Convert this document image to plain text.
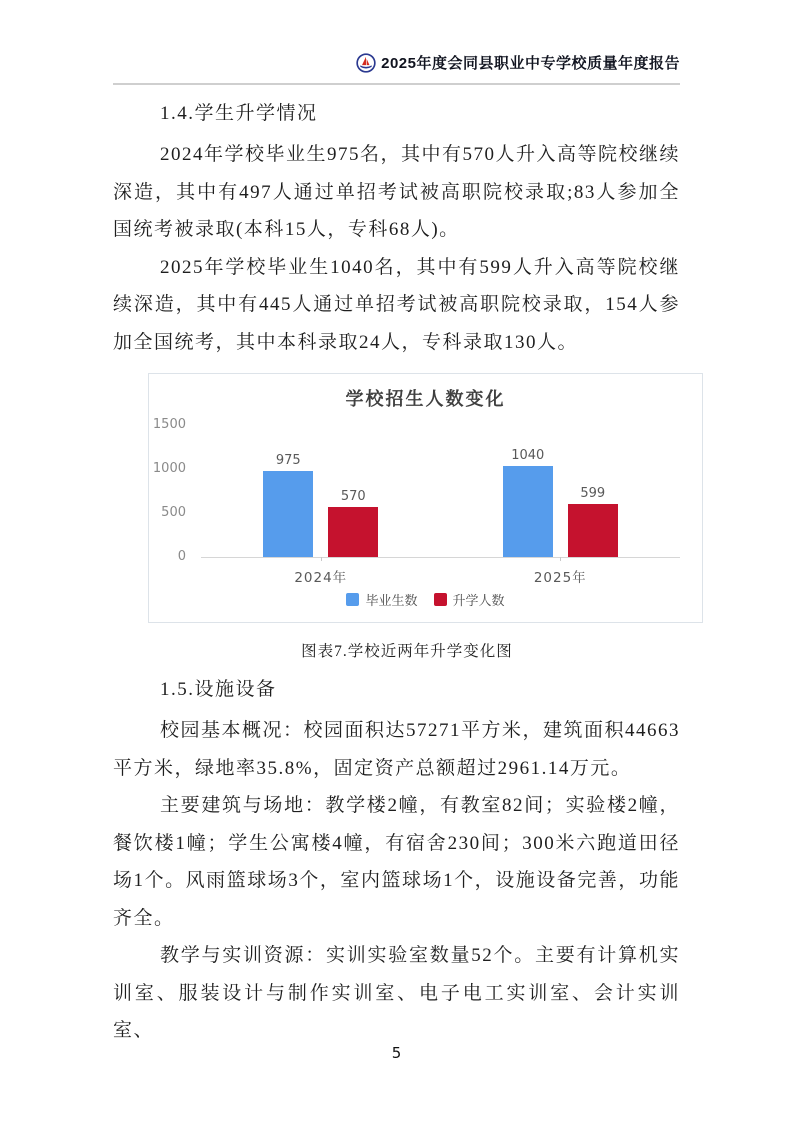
2025年度会同县职业中专学校质量年度报告
1.4.学生升学情况

2024年学校毕业生975名，其中有570人升入高等院校继续深造，其中有497人通过单招考试被高职院校录取;83人参加全国统考被录取(本科15人，专科68人)。

2025年学校毕业生1040名，其中有599人升入高等院校继续深造，其中有445人通过单招考试被高职院校录取，154人参加全国统考，其中本科录取24人，专科录取130人。

学校招生人数变化
1500
1000
500
0
975
570
2024年
1040
599
2025年
毕业生数	升学人数
图表7.学校近两年升学变化图
1.5.设施设备

校园基本概况：校园面积达57271平方米，建筑面积44663平方米，绿地率35.8%，固定资产总额超过2961.14万元。

主要建筑与场地：教学楼2幢，有教室82间；实验楼2幢，餐饮楼1幢；学生公寓楼4幢，有宿舍230间；300米六跑道田径场1个。风雨篮球场3个，室内篮球场1个，设施设备完善，功能齐全。

教学与实训资源：实训实验室数量52个。主要有计算机实训室、服装设计与制作实训室、电子电工实训室、会计实训室、

5
